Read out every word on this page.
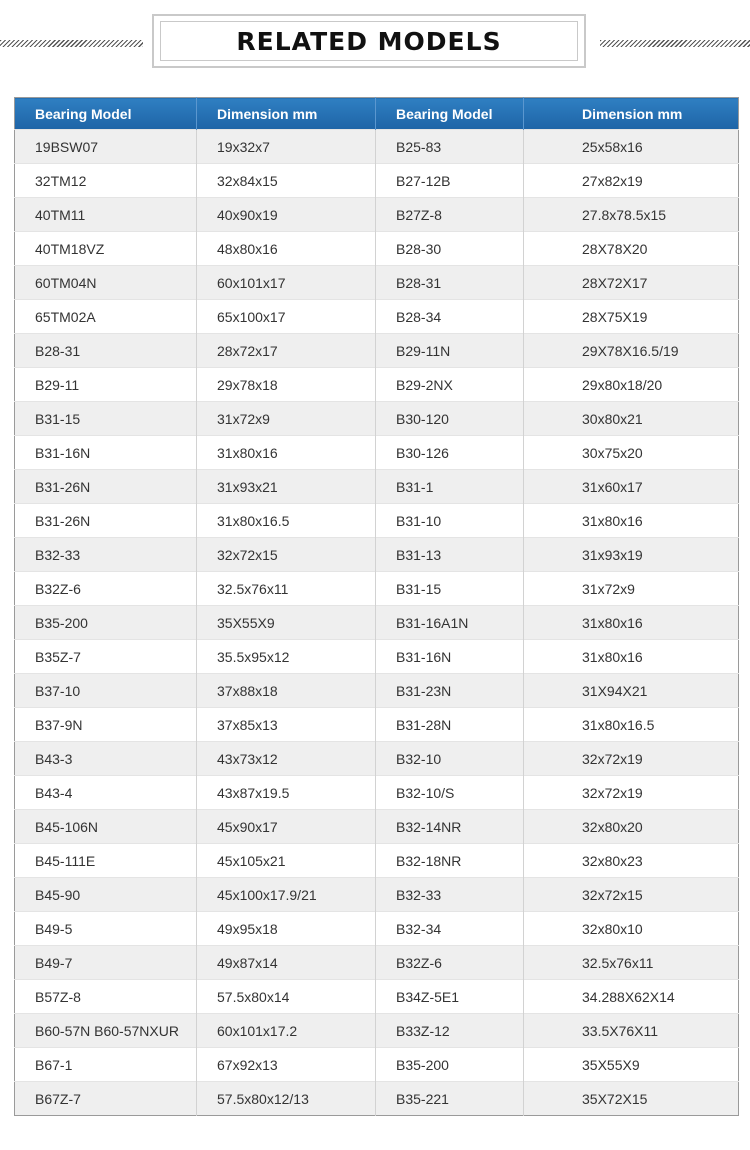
RELATED MODELS
Bearing Model	Dimension mm	Bearing Model	Dimension mm
19BSW07	19x32x7	B25-83	25x58x16
32TM12	32x84x15	B27-12B	27x82x19
40TM11	40x90x19	B27Z-8	27.8x78.5x15
40TM18VZ	48x80x16	B28-30	28X78X20
60TM04N	60x101x17	B28-31	28X72X17
65TM02A	65x100x17	B28-34	28X75X19
B28-31	28x72x17	B29-11N	29X78X16.5/19
B29-11	29x78x18	B29-2NX	29x80x18/20
B31-15	31x72x9	B30-120	30x80x21
B31-16N	31x80x16	B30-126	30x75x20
B31-26N	31x93x21	B31-1	31x60x17
B31-26N	31x80x16.5	B31-10	31x80x16
B32-33	32x72x15	B31-13	31x93x19
B32Z-6	32.5x76x11	B31-15	31x72x9
B35-200	35X55X9	B31-16A1N	31x80x16
B35Z-7	35.5x95x12	B31-16N	31x80x16
B37-10	37x88x18	B31-23N	31X94X21
B37-9N	37x85x13	B31-28N	31x80x16.5
B43-3	43x73x12	B32-10	32x72x19
B43-4	43x87x19.5	B32-10/S	32x72x19
B45-106N	45x90x17	B32-14NR	32x80x20
B45-111E	45x105x21	B32-18NR	32x80x23
B45-90	45x100x17.9/21	B32-33	32x72x15
B49-5	49x95x18	B32-34	32x80x10
B49-7	49x87x14	B32Z-6	32.5x76x11
B57Z-8	57.5x80x14	B34Z-5E1	34.288X62X14
B60-57N B60-57NXUR	60x101x17.2	B33Z-12	33.5X76X11
B67-1	67x92x13	B35-200	35X55X9
B67Z-7	57.5x80x12/13	B35-221	35X72X15
